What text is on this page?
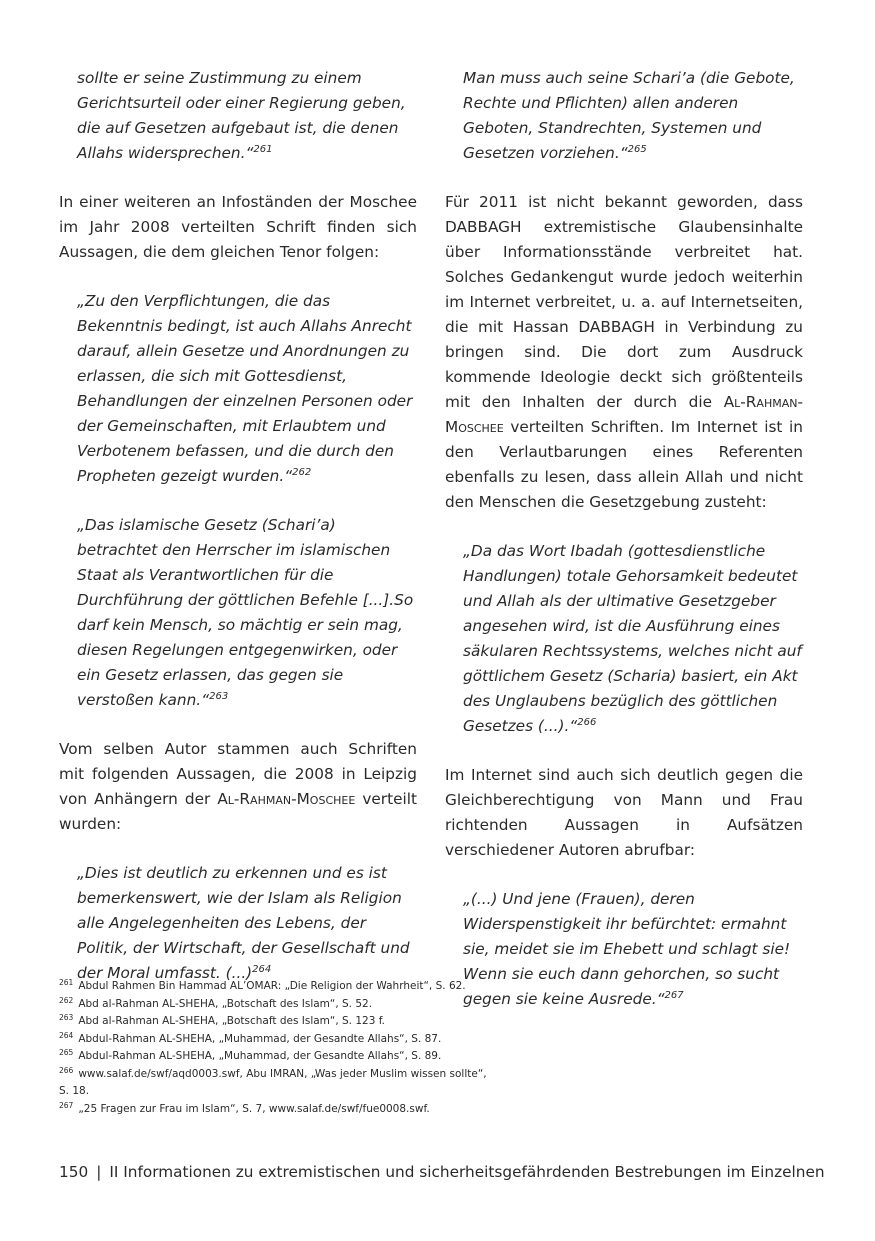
sollte er seine Zustimmung zu einem Gerichtsurteil oder einer Regierung geben, die auf Gesetzen aufgebaut ist, die denen Allahs widersprechen.“$^{261}$

In einer weiteren an Infoständen der Moschee im Jahr 2008 verteilten Schrift finden sich Aussagen, die dem gleichen Tenor folgen:

„Zu den Verpflichtungen, die das Bekenntnis bedingt, ist auch Allahs Anrecht darauf, allein Gesetze und Anordnungen zu erlassen, die sich mit Gottesdienst, Behandlungen der einzelnen Personen oder der Gemeinschaften, mit Erlaubtem und Verbotenem befassen, und die durch den Propheten gezeigt wurden.“$^{262}$

„Das islamische Gesetz (Schari’a) betrachtet den Herrscher im islamischen Staat als Verantwortlichen für die Durchführung der göttlichen Befehle [...].So darf kein Mensch, so mächtig er sein mag, diesen Regelungen entgegenwirken, oder ein Gesetz erlassen, das gegen sie verstoßen kann.“$^{263}$

Vom selben Autor stammen auch Schriften mit folgenden Aussagen, die 2008 in Leipzig von Anhängern der Al-Rahman-Moschee verteilt wurden:

„Dies ist deutlich zu erkennen und es ist bemerkenswert, wie der Islam als Religion alle Angelegenheiten des Lebens, der Politik, der Wirtschaft, der Gesellschaft und der Moral umfasst. (...)$^{264}$

Man muss auch seine Schari’a (die Gebote, Rechte und Pflichten) allen anderen Geboten, Standrechten, Systemen und Gesetzen vorziehen.“$^{265}$

Für 2011 ist nicht bekannt geworden, dass DABBAGH extremistische Glaubensinhalte über Informationsstände verbreitet hat. Solches Gedankengut wurde jedoch weiterhin im Internet verbreitet, u. a. auf Internetseiten, die mit Hassan DABBAGH in Verbindung zu bringen sind. Die dort zum Ausdruck kommende Ideologie deckt sich größtenteils mit den Inhalten der durch die Al-Rahman-Moschee verteilten Schriften. Im Internet ist in den Verlautbarungen eines Referenten ebenfalls zu lesen, dass allein Allah und nicht den Menschen die Gesetzgebung zusteht:

„Da das Wort Ibadah (gottesdienstliche Handlungen) totale Gehorsamkeit bedeutet und Allah als der ultimative Gesetzgeber angesehen wird, ist die Ausführung eines säkularen Rechtssystems, welches nicht auf göttlichem Gesetz (Scharia) basiert, ein Akt des Unglaubens bezüglich des göttlichen Gesetzes (...).“$^{266}$

Im Internet sind auch sich deutlich gegen die Gleichberechtigung von Mann und Frau richtenden Aussagen in Aufsätzen verschiedener Autoren abrufbar:

„(...) Und jene (Frauen), deren Widerspenstigkeit ihr befürchtet: ermahnt sie, meidet sie im Ehebett und schlagt sie! Wenn sie euch dann gehorchen, so sucht gegen sie keine Ausrede.“$^{267}$

$^{261}$ Abdul Rahmen Bin Hammad AL’OMAR: „Die Religion der Wahrheit“, S. 62.
$^{262}$ Abd al-Rahman AL-SHEHA, „Botschaft des Islam“, S. 52.
$^{263}$ Abd al-Rahman AL-SHEHA, „Botschaft des Islam“, S. 123 f.
$^{264}$ Abdul-Rahman AL-SHEHA, „Muhammad, der Gesandte Allahs“, S. 87.
$^{265}$ Abdul-Rahman AL-SHEHA, „Muhammad, der Gesandte Allahs“, S. 89.
$^{266}$ www.salaf.de/swf/aqd0003.swf, Abu IMRAN, „Was jeder Muslim wissen sollte“, S. 18.
$^{267}$ „25 Fragen zur Frau im Islam“, S. 7, www.salaf.de/swf/fue0008.swf.
150 | II Informationen zu extremistischen und sicherheitsgefährdenden Bestrebungen im Einzelnen
